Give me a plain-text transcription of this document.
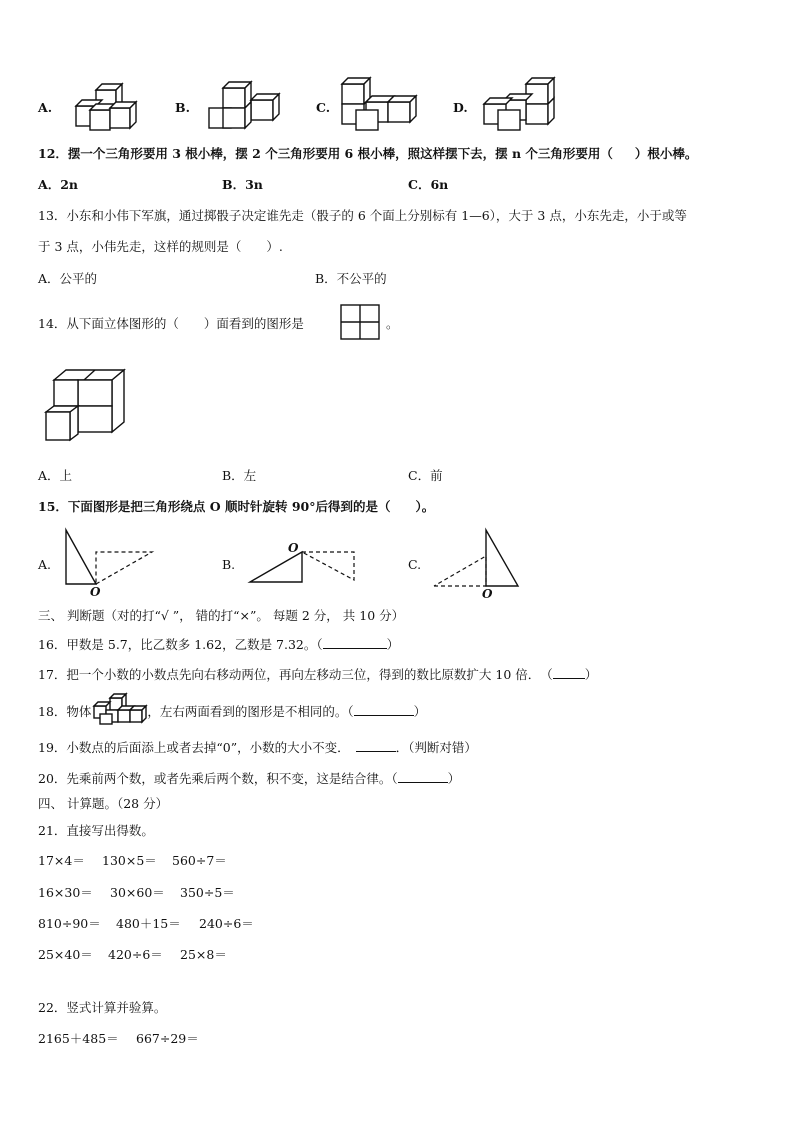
A.	B.	C.	D.
12．摆一个三角形要用 3 根小棒，摆 2 个三角形要用 6 根小棒，照这样摆下去，摆 n 个三角形要用（ ）根小棒。
A．2n	B．3n	C．6n
13．小东和小伟下军旗，通过掷骰子决定谁先走（骰子的 6 个面上分别标有 1—6），大于 3 点，小东先走，小于或等
于 3 点，小伟先走，这样的规则是（　　）.
A．公平的	B．不公平的
14．从下面立体图形的（　　）面看到的图形是	。
A．上	B．左	C．前
15．下面图形是把三角形绕点 O 顺时针旋转 90°后得到的是（　　）。
A.
O
B.
O
C.
O
三、 判断题（对的打“√ ”， 错的打“×”。 每题 2 分， 共 10 分）
16．甲数是 5.7，比乙数多 1.62，乙数是 7.32。（	）
17．把一个小数的小数点先向右移动两位，再向左移动三位，得到的数比原数扩大 10 倍．　（	）
18．物体	，左右两面看到的图形是不相同的。（	）
19．小数点的后面添上或者去掉“0”，小数的大小不变．	．（判断对错）
20．先乘前两个数，或者先乘后两个数，积不变，这是结合律。（	）
四、 计算题。（28 分）
21．直接写出得数。
17×4＝ 130×5＝ 560÷7＝
16×30＝ 30×60＝ 350÷5＝
810÷90＝ 480＋15＝ 240÷6＝
25×40＝ 420÷6＝ 25×8＝
22．竖式计算并验算。
2165＋485＝ 667÷29＝
